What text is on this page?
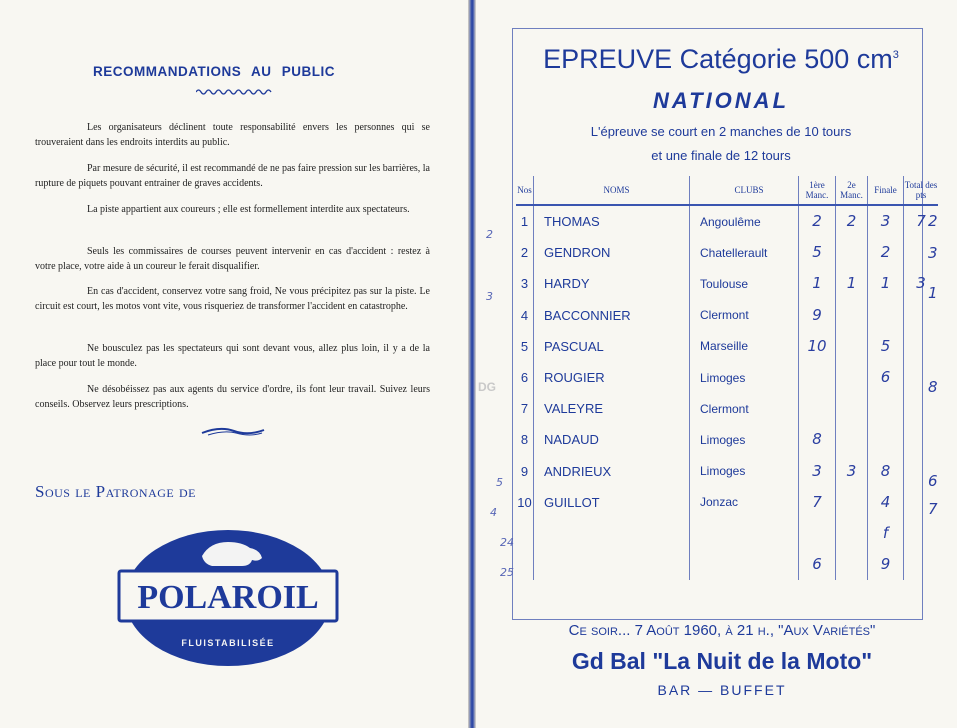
RECOMMANDATIONS AU PUBLIC
Les organisateurs déclinent toute responsabilité envers les personnes qui se trouveraient dans les endroits interdits au public.
Par mesure de sécurité, il est recommandé de ne pas faire pression sur les barrières, la rupture de piquets pouvant entrainer de graves accidents.
La piste appartient aux coureurs ; elle est formellement interdite aux spectateurs.
Seuls les commissaires de courses peuvent intervenir en cas d'accident : restez à votre place, votre aide à un coureur le ferait disqualifier.
En cas d'accident, conservez votre sang froid, Ne vous précipitez pas sur la piste. Le circuit est court, les motos vont vite, vous risqueriez de transformer l'accident en catastrophe.
Ne bousculez pas les spectateurs qui sont devant vous, allez plus loin, il y a de la place pour tout le monde.
Ne désobéissez pas aux agents du service d'ordre, ils font leur travail. Suivez leurs conseils. Observez leurs prescriptions.
Sous le Patronage de
POLAROIL
FLUISTABILISÉE
EPREUVE Catégorie 500 $cm^3$
NATIONAL
L'épreuve se court en 2 manches de 10 tours
et une finale de 12 tours
Nos	NOMS	CLUBS	1ère Manc.	2e Manc.	Finale	Total des pts
1	THOMAS	Angoulême	2	2	3	7
2	GENDRON	Chatellerault	5		2	
3	HARDY	Toulouse	1	1	1	3
4	BACCONNIER	Clermont	9			
5	PASCUAL	Marseille	10		5	
6	ROUGIER	Limoges			6	
7	VALEYRE	Clermont				
8	NADAUD	Limoges	8			
9	ANDRIEUX	Limoges	3	3	8	
10	GUILLOT	Jonzac	7		4	
					f	
			6		9	
2
3
5
4
24
25
2
3
1
8
6
7
DG
Ce soir... 7 Août 1960, à 21 h., "Aux Variétés"
Gd Bal "La Nuit de la Moto"
BAR — BUFFET
